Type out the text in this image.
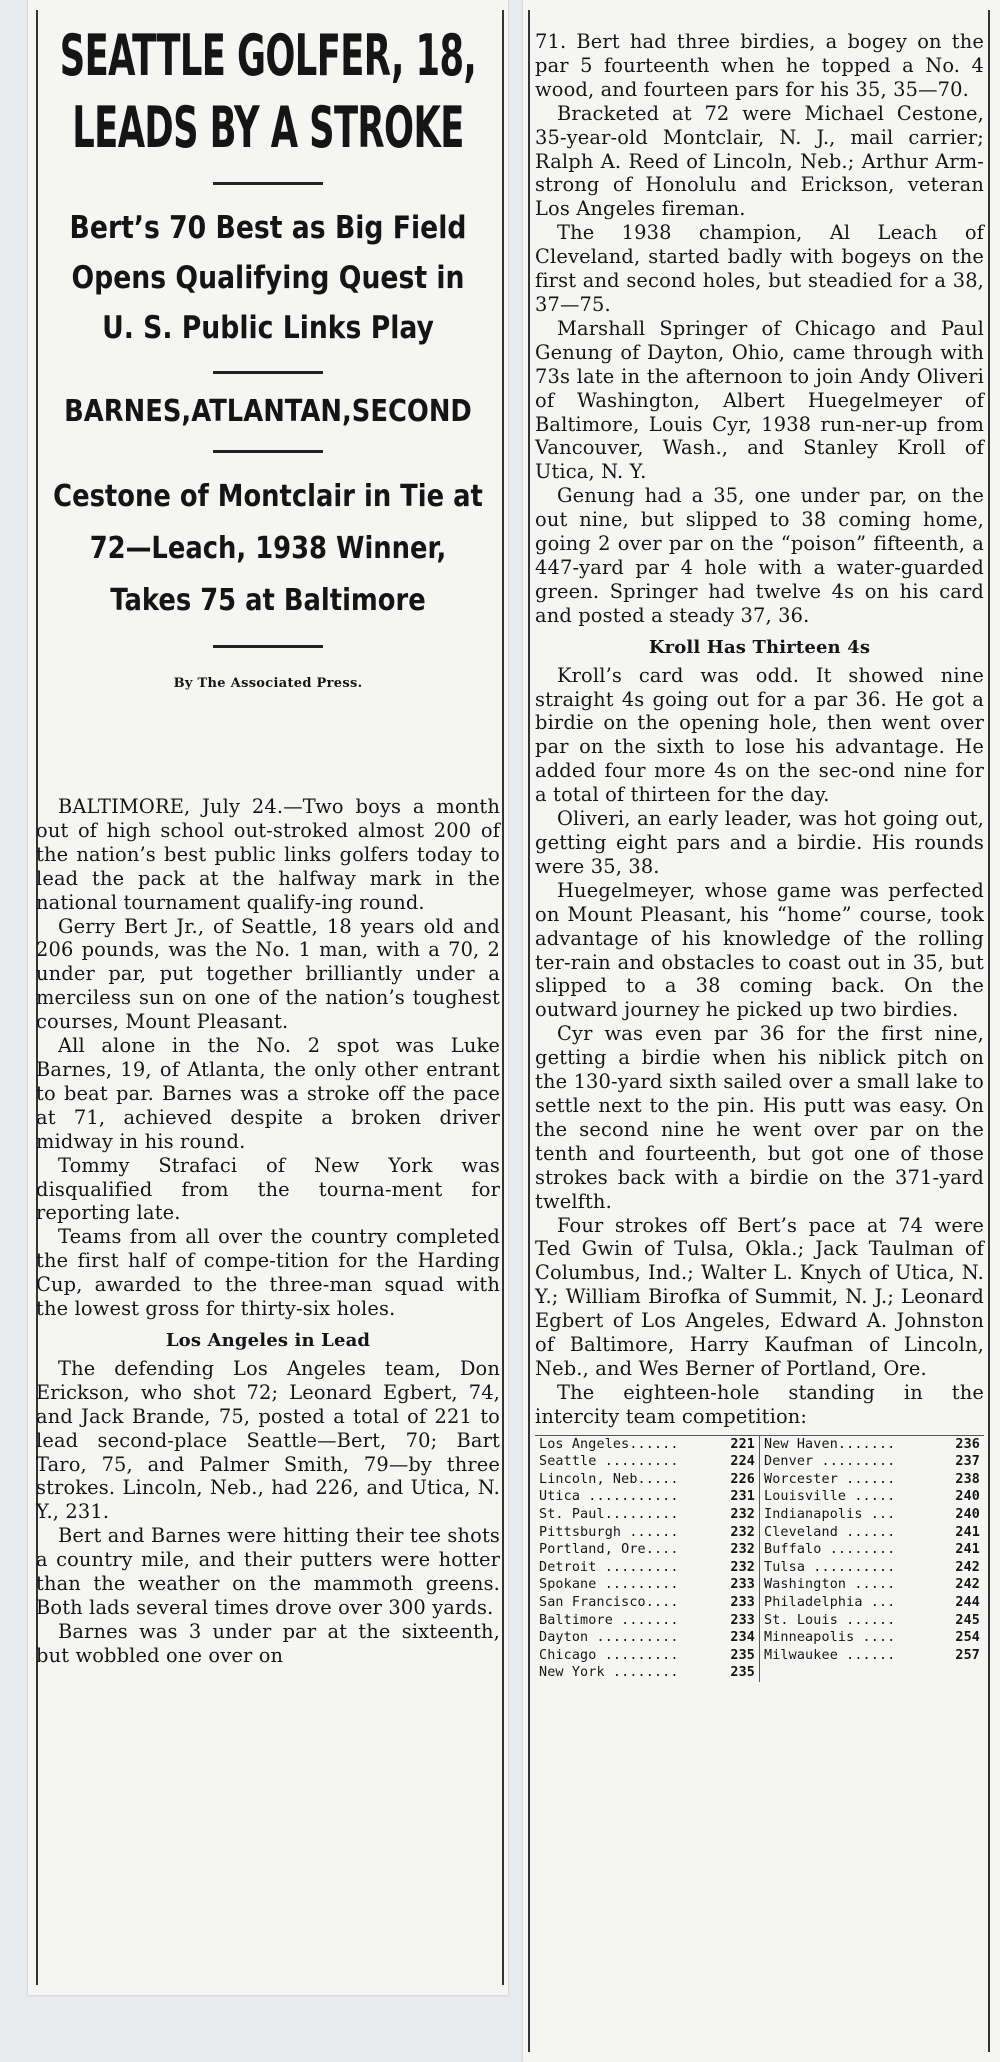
SEATTLE GOLFER, 18,
LEADS BY A STROKE
Bert’s 70 Best as Big Field
Opens Qualifying Quest in
U. S. Public Links Play
BARNES,ATLANTAN,SECOND
Cestone of Montclair in Tie at
72—Leach, 1938 Winner,
Takes 75 at Baltimore
By The Associated Press.

BALTIMORE, July 24.—Two boys a month out of high school out-stroked almost 200 of the nation’s best public links golfers today to lead the pack at the halfway mark in the national tournament qualify-ing round.

Gerry Bert Jr., of Seattle, 18 years old and 206 pounds, was the No. 1 man, with a 70, 2 under par, put together brilliantly under a merciless sun on one of the nation’s toughest courses, Mount Pleasant.

All alone in the No. 2 spot was Luke Barnes, 19, of Atlanta, the only other entrant to beat par. Barnes was a stroke off the pace at 71, achieved despite a broken driver midway in his round.

Tommy Strafaci of New York was disqualified from the tourna-ment for reporting late.

Teams from all over the country completed the first half of compe-tition for the Harding Cup, awarded to the three-man squad with the lowest gross for thirty-six holes.

Los Angeles in Lead

The defending Los Angeles team, Don Erickson, who shot 72; Leonard Egbert, 74, and Jack Brande, 75, posted a total of 221 to lead second-place Seattle—Bert, 70; Bart Taro, 75, and Palmer Smith, 79—by three strokes. Lincoln, Neb., had 226, and Utica, N. Y., 231.

Bert and Barnes were hitting their tee shots a country mile, and their putters were hotter than the weather on the mammoth greens. Both lads several times drove over 300 yards.

Barnes was 3 under par at the sixteenth, but wobbled one over on

71. Bert had three birdies, a bogey on the par 5 fourteenth when he topped a No. 4 wood, and fourteen pars for his 35, 35—70.

Bracketed at 72 were Michael Cestone, 35-year-old Montclair, N. J., mail carrier; Ralph A. Reed of Lincoln, Neb.; Arthur Arm-strong of Honolulu and Erickson, veteran Los Angeles fireman.

The 1938 champion, Al Leach of Cleveland, started badly with bogeys on the first and second holes, but steadied for a 38, 37—75.

Marshall Springer of Chicago and Paul Genung of Dayton, Ohio, came through with 73s late in the afternoon to join Andy Oliveri of Washington, Albert Huegelmeyer of Baltimore, Louis Cyr, 1938 run-ner-up from Vancouver, Wash., and Stanley Kroll of Utica, N. Y.

Genung had a 35, one under par, on the out nine, but slipped to 38 coming home, going 2 over par on the “poison” fifteenth, a 447-yard par 4 hole with a water-guarded green. Springer had twelve 4s on his card and posted a steady 37, 36.

Kroll Has Thirteen 4s

Kroll’s card was odd. It showed nine straight 4s going out for a par 36. He got a birdie on the opening hole, then went over par on the sixth to lose his advantage. He added four more 4s on the sec-ond nine for a total of thirteen for the day.

Oliveri, an early leader, was hot going out, getting eight pars and a birdie. His rounds were 35, 38.

Huegelmeyer, whose game was perfected on Mount Pleasant, his “home” course, took advantage of his knowledge of the rolling ter-rain and obstacles to coast out in 35, but slipped to a 38 coming back. On the outward journey he picked up two birdies.

Cyr was even par 36 for the first nine, getting a birdie when his niblick pitch on the 130-yard sixth sailed over a small lake to settle next to the pin. His putt was easy. On the second nine he went over par on the tenth and fourteenth, but got one of those strokes back with a birdie on the 371-yard twelfth.

Four strokes off Bert’s pace at 74 were Ted Gwin of Tulsa, Okla.; Jack Taulman of Columbus, Ind.; Walter L. Knych of Utica, N. Y.; William Birofka of Summit, N. J.; Leonard Egbert of Los Angeles, Edward A. Johnston of Baltimore, Harry Kaufman of Lincoln, Neb., and Wes Berner of Portland, Ore.

The eighteen-hole standing in the intercity team competition:

Los Angeles......	221
Seattle .........	224
Lincoln, Neb.....	226
Utica ...........	231
St. Paul.........	232
Pittsburgh ......	232
Portland, Ore....	232
Detroit .........	232
Spokane .........	233
San Francisco....	233
Baltimore .......	233
Dayton ..........	234
Chicago .........	235
New York ........	235
New Haven.......	236
Denver .........	237
Worcester ......	238
Louisville .....	240
Indianapolis ...	240
Cleveland ......	241
Buffalo ........	241
Tulsa ..........	242
Washington .....	242
Philadelphia ...	244
St. Louis ......	245
Minneapolis ....	254
Milwaukee ......	257
